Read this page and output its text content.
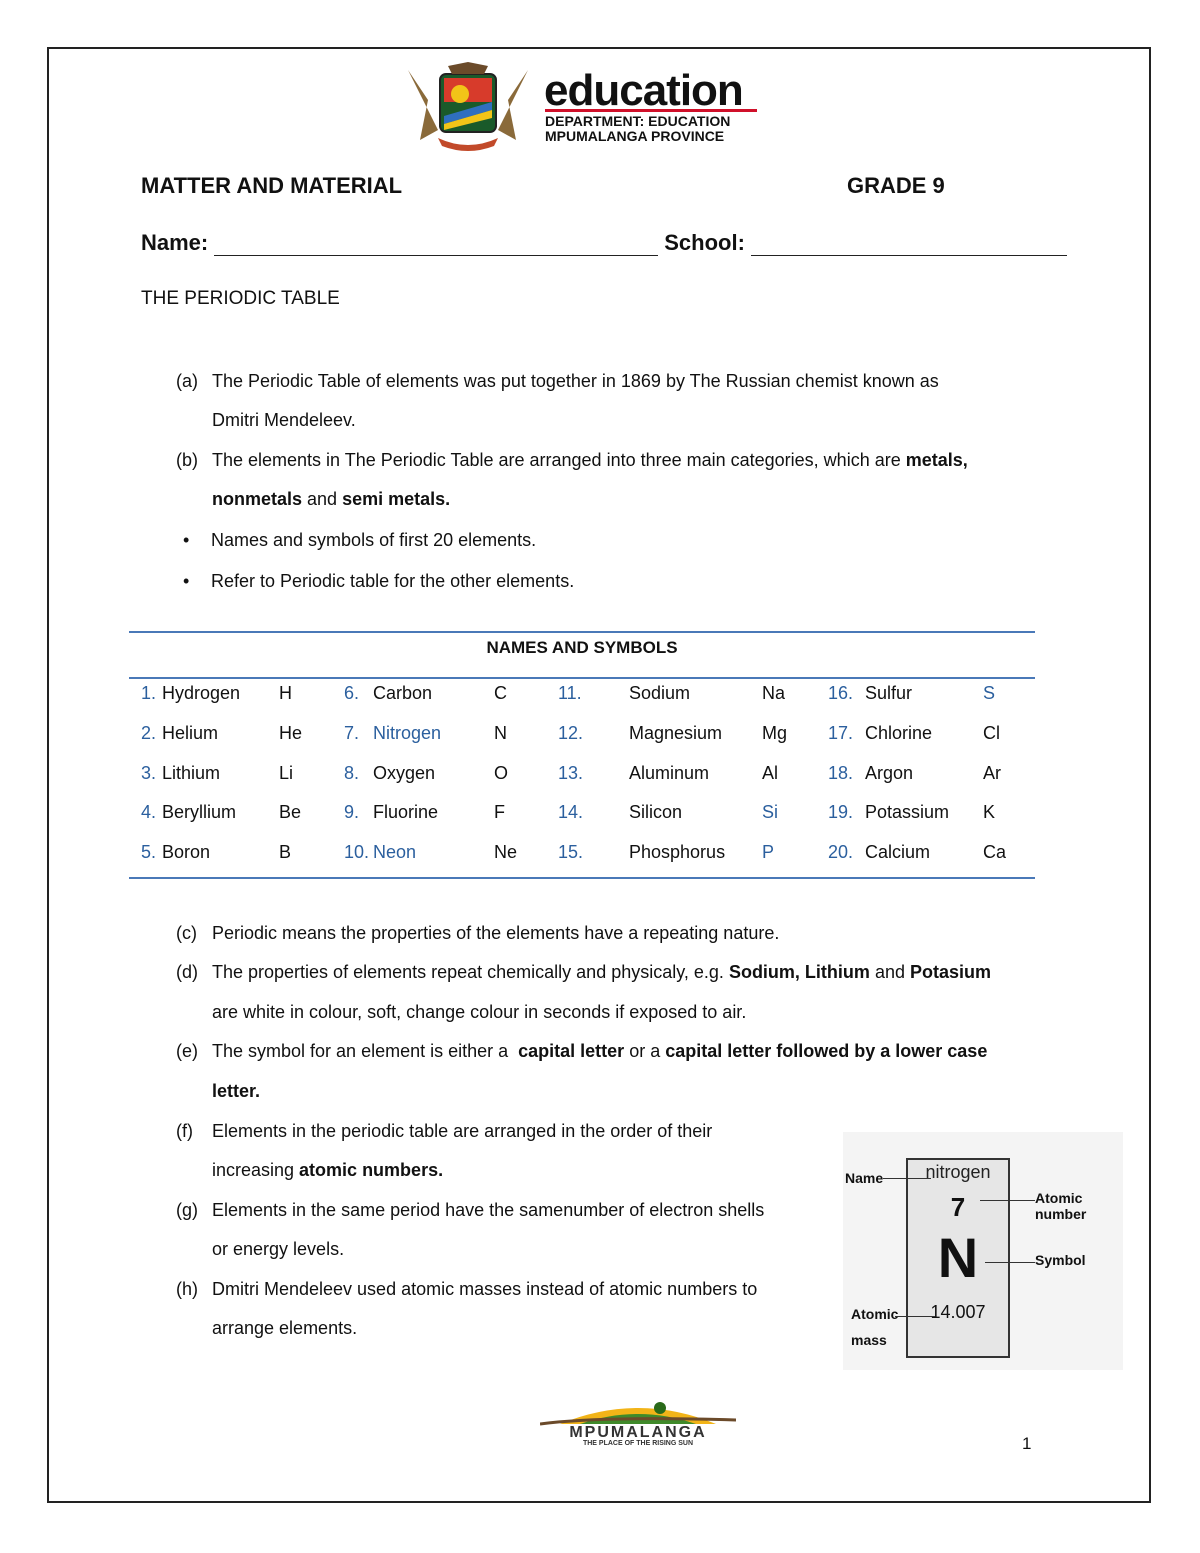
education
DEPARTMENT: EDUCATION
MPUMALANGA PROVINCE
MATTER AND MATERIAL	GRADE 9
Name:	School:
THE PERIODIC TABLE
(a) The Periodic Table of elements was put together in 1869 by The Russian chemist known as
Dmitri Mendeleev.
(b) The elements in The Periodic Table are arranged into three main categories, which are metals,
nonmetals and semi metals.
• Names and symbols of first 20 elements.
• Refer to Periodic table for the other elements.
NAMES AND SYMBOLS
1. Hydrogen H	6. Carbon	C	11.	Sodium	Na 16. Sulfur	S
2. Helium	He 7. Nitrogen	N	12.	Magnesium Mg 17. Chlorine	Cl
3. Lithium	Li	8. Oxygen	O	13.	Aluminum	Al	18. Argon	Ar
4. Beryllium Be 9. Fluorine	F	14.	Silicon	Si	19. Potassium K
5. Boron	B	10. Neon	Ne 15.	Phosphorus P	20. Calcium	Ca
(c) Periodic means the properties of the elements have a repeating nature.
(d) The properties of elements repeat chemically and physicaly, e.g. Sodium, Lithium and Potasium
are white in colour, soft, change colour in seconds if exposed to air.
(e) The symbol for an element is either a  capital letter or a capital letter followed by a lower case
letter.
(f) Elements in the periodic table are arranged in the order of their
increasing atomic numbers.
(g) Elements in the same period have the samenumber of electron shells
or energy levels.
(h) Dmitri Mendeleev used atomic masses instead of atomic numbers to
arrange elements.
nitrogen
7
N
14.007
Name
Atomic number
Symbol
Atomic
mass
MPUMALANGA
THE PLACE OF THE RISING SUN	1
